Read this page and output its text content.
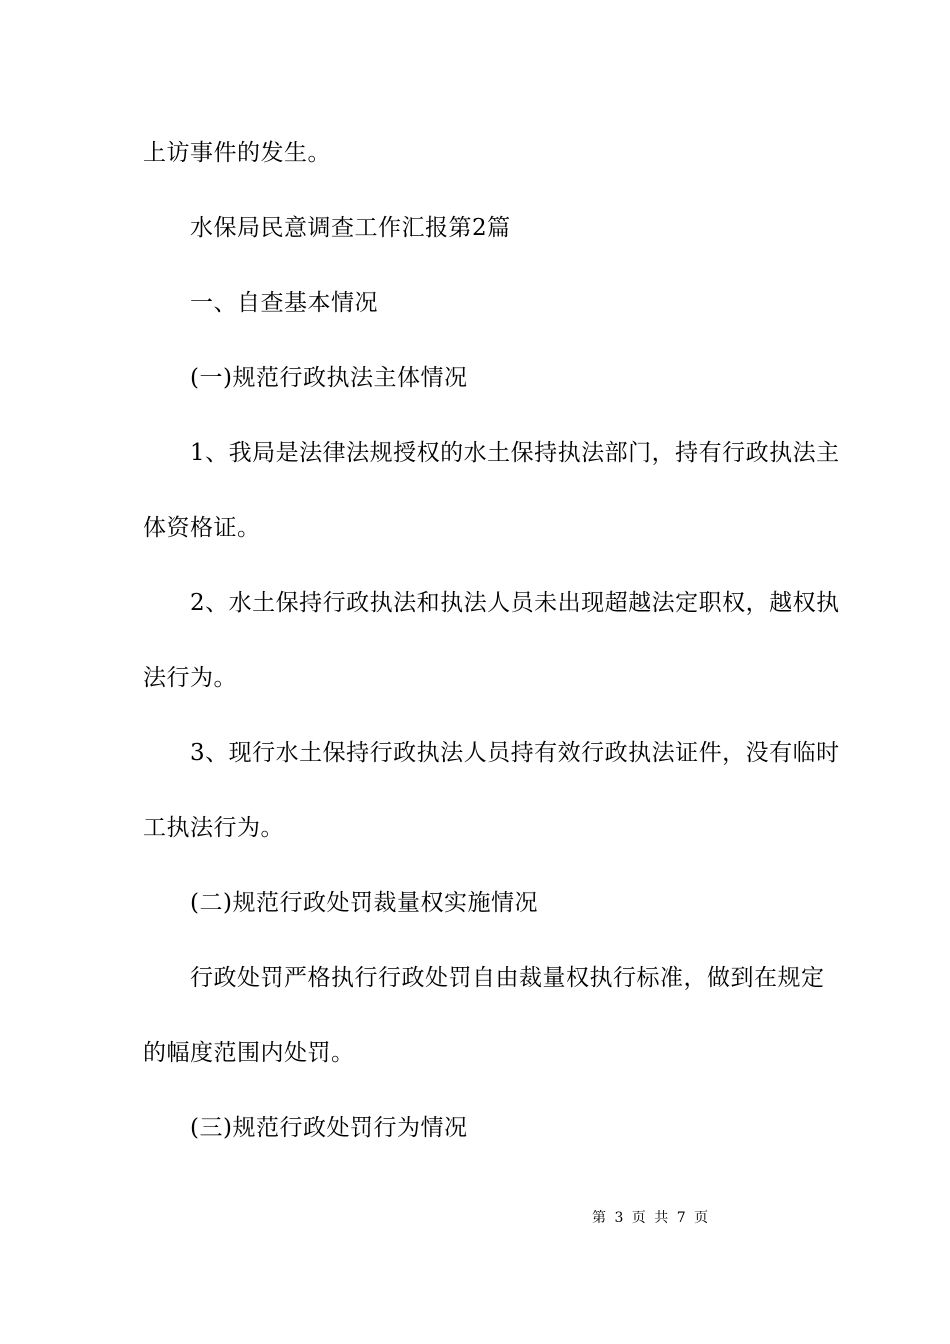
上访事件的发生。
水保局民意调查工作汇报第2篇
一、自查基本情况
(一)规范行政执法主体情况
1、我局是法律法规授权的水土保持执法部门，持有行政执法主
体资格证。
2、水土保持行政执法和执法人员未出现超越法定职权，越权执
法行为。
3、现行水土保持行政执法人员持有效行政执法证件，没有临时
工执法行为。
(二)规范行政处罚裁量权实施情况
行政处罚严格执行行政处罚自由裁量权执行标准，做到在规定
的幅度范围内处罚。
(三)规范行政处罚行为情况
第 3 页 共 7 页
